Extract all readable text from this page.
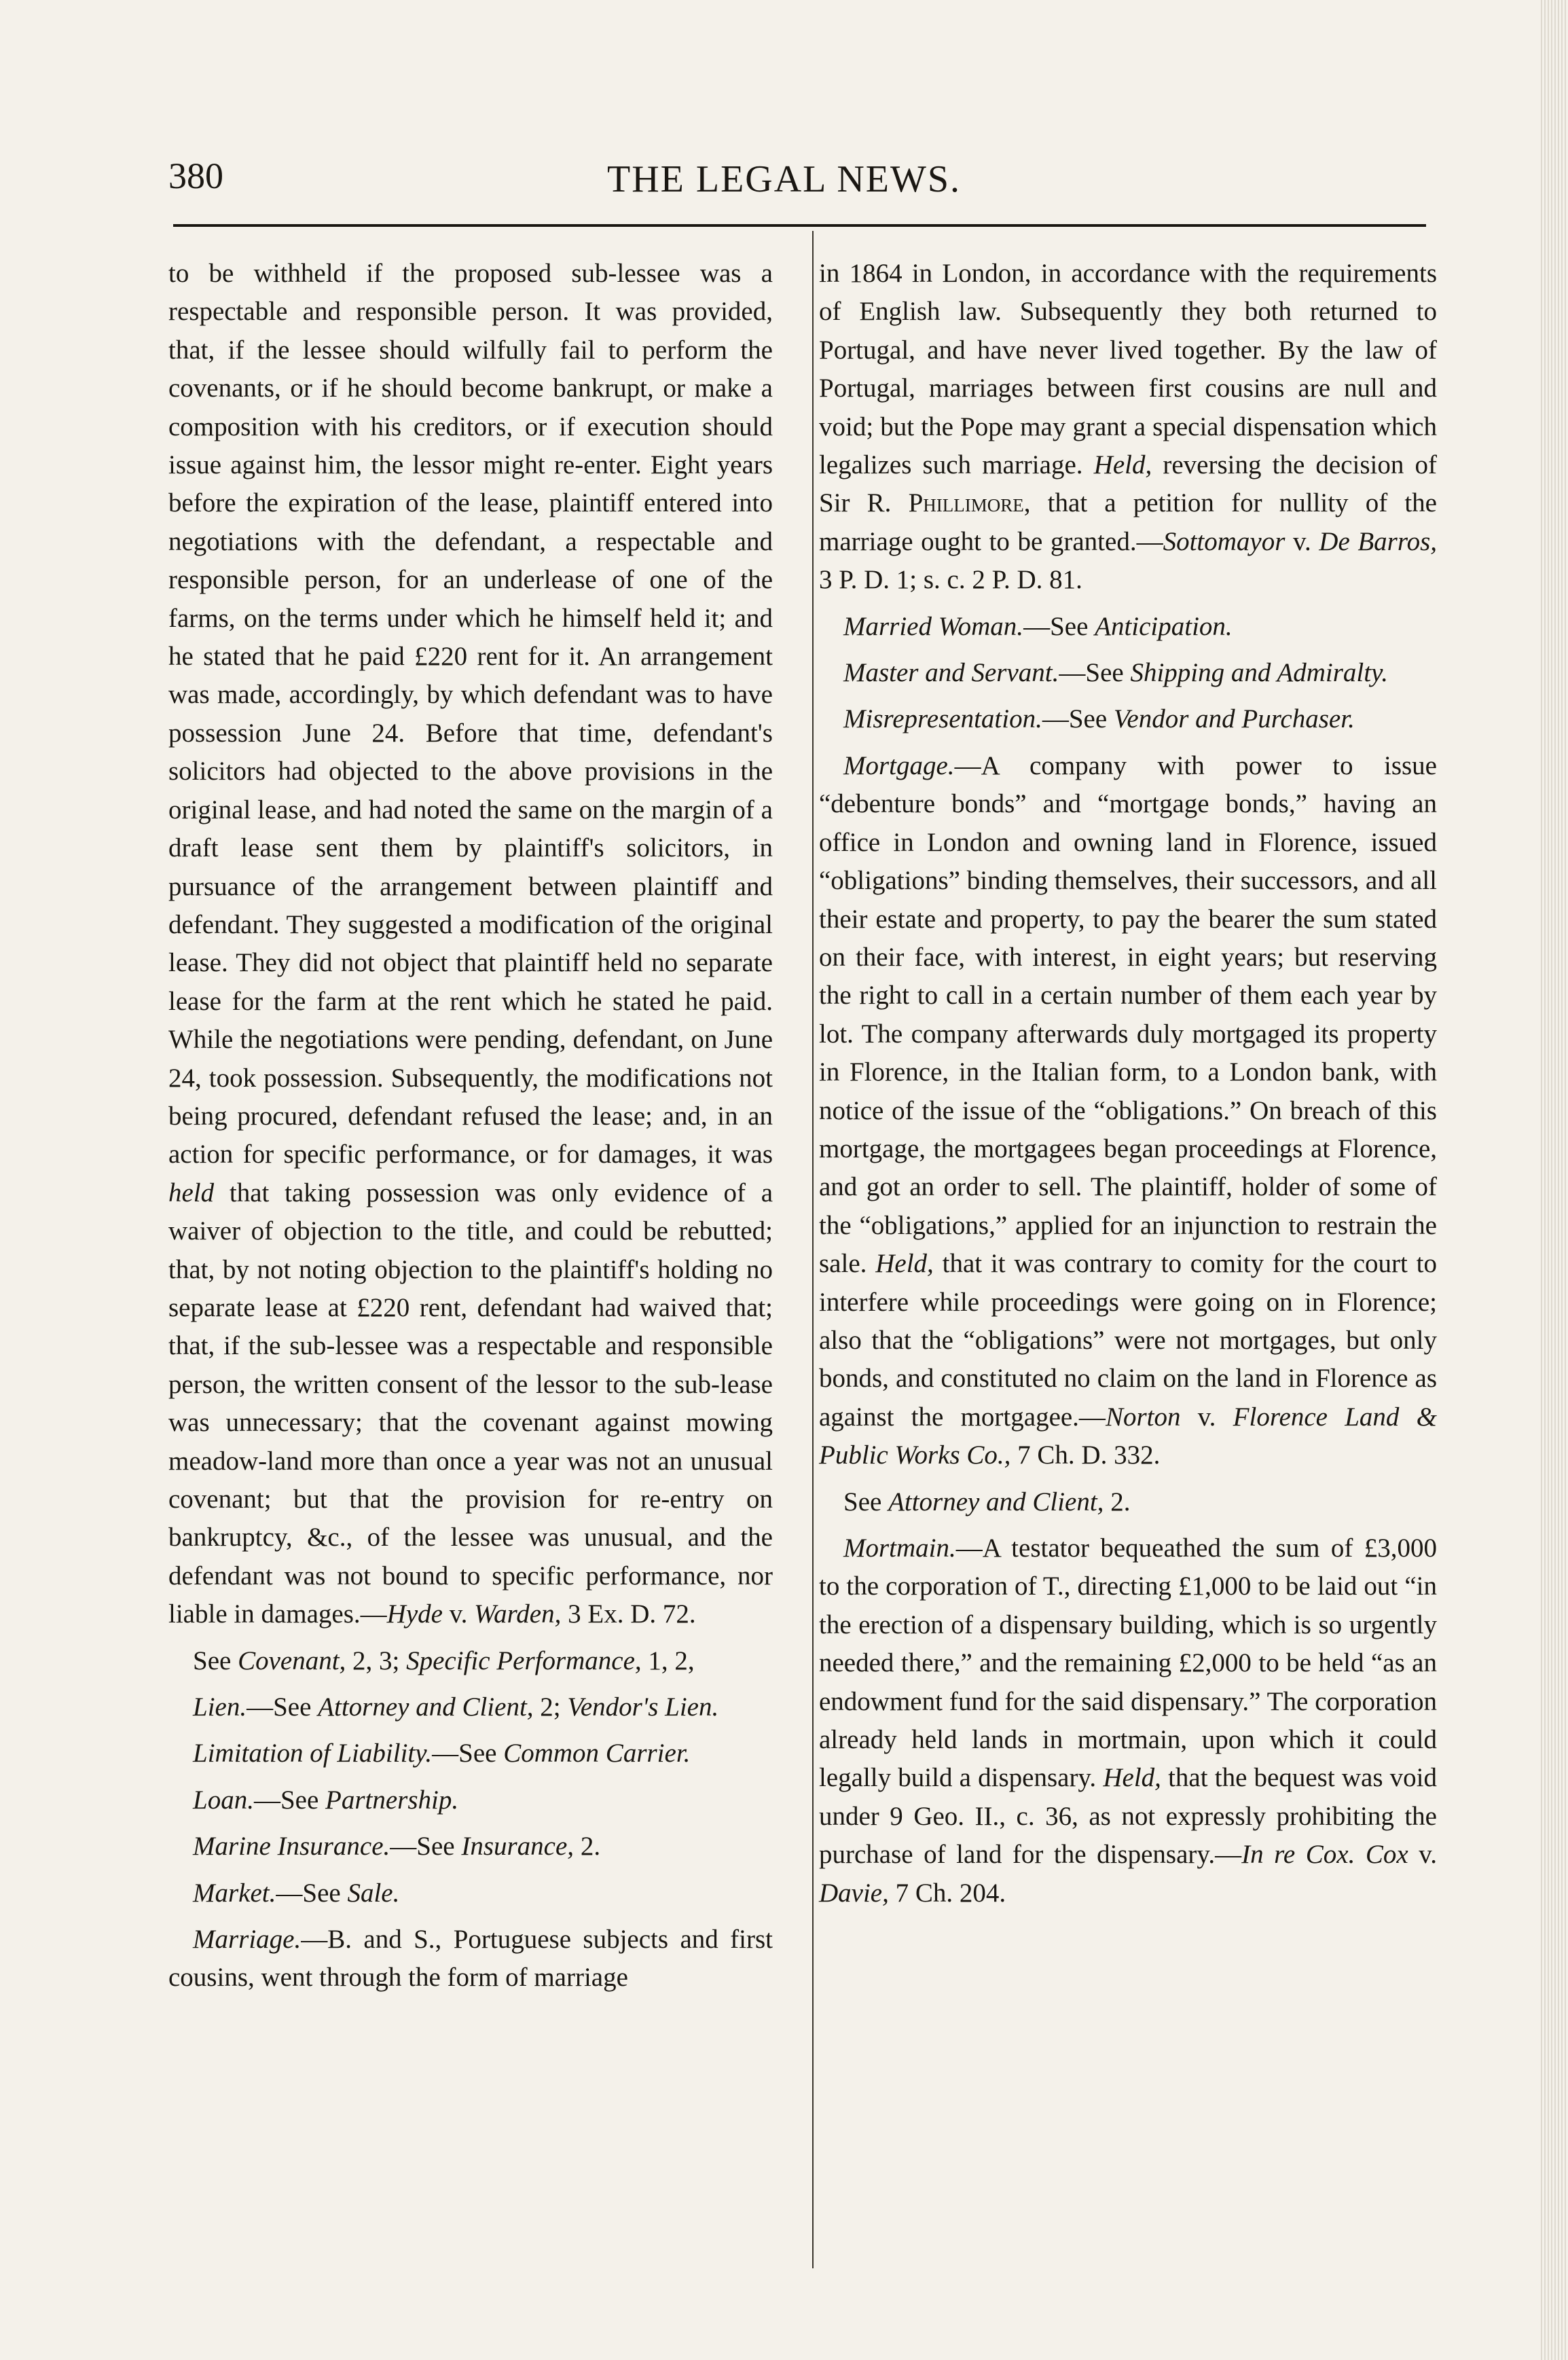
380	THE LEGAL NEWS.

to be withheld if the proposed sub-lessee was a respectable and responsible person. It was provided, that, if the lessee should wilfully fail to perform the covenants, or if he should become bankrupt, or make a composition with his creditors, or if execution should issue against him, the lessor might re-enter. Eight years before the expiration of the lease, plaintiff entered into negotiations with the defendant, a respectable and responsible person, for an underlease of one of the farms, on the terms under which he himself held it; and he stated that he paid £220 rent for it. An arrangement was made, accordingly, by which defendant was to have possession June 24. Before that time, defendant's solicitors had objected to the above provisions in the original lease, and had noted the same on the margin of a draft lease sent them by plaintiff's solicitors, in pursuance of the arrangement between plaintiff and defendant. They suggested a modification of the original lease. They did not object that plaintiff held no separate lease for the farm at the rent which he stated he paid. While the negotiations were pending, defendant, on June 24, took possession. Subsequently, the modifications not being procured, defendant refused the lease; and, in an action for specific performance, or for damages, it was held that taking possession was only evidence of a waiver of objection to the title, and could be rebutted; that, by not noting objection to the plaintiff's holding no separate lease at £220 rent, defendant had waived that; that, if the sub-lessee was a respectable and responsible person, the written consent of the lessor to the sub-lease was unnecessary; that the covenant against mowing meadow-land more than once a year was not an unusual covenant; but that the provision for re-entry on bankruptcy, &c., of the lessee was unusual, and the defendant was not bound to specific performance, nor liable in damages.—Hyde v. Warden, 3 Ex. D. 72.

See Covenant, 2, 3; Specific Performance, 1, 2,

Lien.—See Attorney and Client, 2; Vendor's Lien.

Limitation of Liability.—See Common Carrier.

Loan.—See Partnership.

Marine Insurance.—See Insurance, 2.

Market.—See Sale.

Marriage.—B. and S., Portuguese subjects and first cousins, went through the form of marriage

in 1864 in London, in accordance with the requirements of English law. Subsequently they both returned to Portugal, and have never lived together. By the law of Portugal, marriages between first cousins are null and void; but the Pope may grant a special dispensation which legalizes such marriage. Held, reversing the decision of Sir R. Phillimore, that a petition for nullity of the marriage ought to be granted.—Sottomayor v. De Barros, 3 P. D. 1; s. c. 2 P. D. 81.

Married Woman.—See Anticipation.

Master and Servant.—See Shipping and Admiralty.

Misrepresentation.—See Vendor and Purchaser.

Mortgage.—A company with power to issue “debenture bonds” and “mortgage bonds,” having an office in London and owning land in Florence, issued “obligations” binding themselves, their successors, and all their estate and property, to pay the bearer the sum stated on their face, with interest, in eight years; but reserving the right to call in a certain number of them each year by lot. The company afterwards duly mortgaged its property in Florence, in the Italian form, to a London bank, with notice of the issue of the “obligations.” On breach of this mortgage, the mortgagees began proceedings at Florence, and got an order to sell. The plaintiff, holder of some of the “obligations,” applied for an injunction to restrain the sale. Held, that it was contrary to comity for the court to interfere while proceedings were going on in Florence; also that the “obligations” were not mortgages, but only bonds, and constituted no claim on the land in Florence as against the mortgagee.—Norton v. Florence Land & Public Works Co., 7 Ch. D. 332.

See Attorney and Client, 2.

Mortmain.—A testator bequeathed the sum of £3,000 to the corporation of T., directing £1,000 to be laid out “in the erection of a dispensary building, which is so urgently needed there,” and the remaining £2,000 to be held “as an endowment fund for the said dispensary.” The corporation already held lands in mortmain, upon which it could legally build a dispensary. Held, that the bequest was void under 9 Geo. II., c. 36, as not expressly prohibiting the purchase of land for the dispensary.—In re Cox. Cox v. Davie, 7 Ch. 204.
